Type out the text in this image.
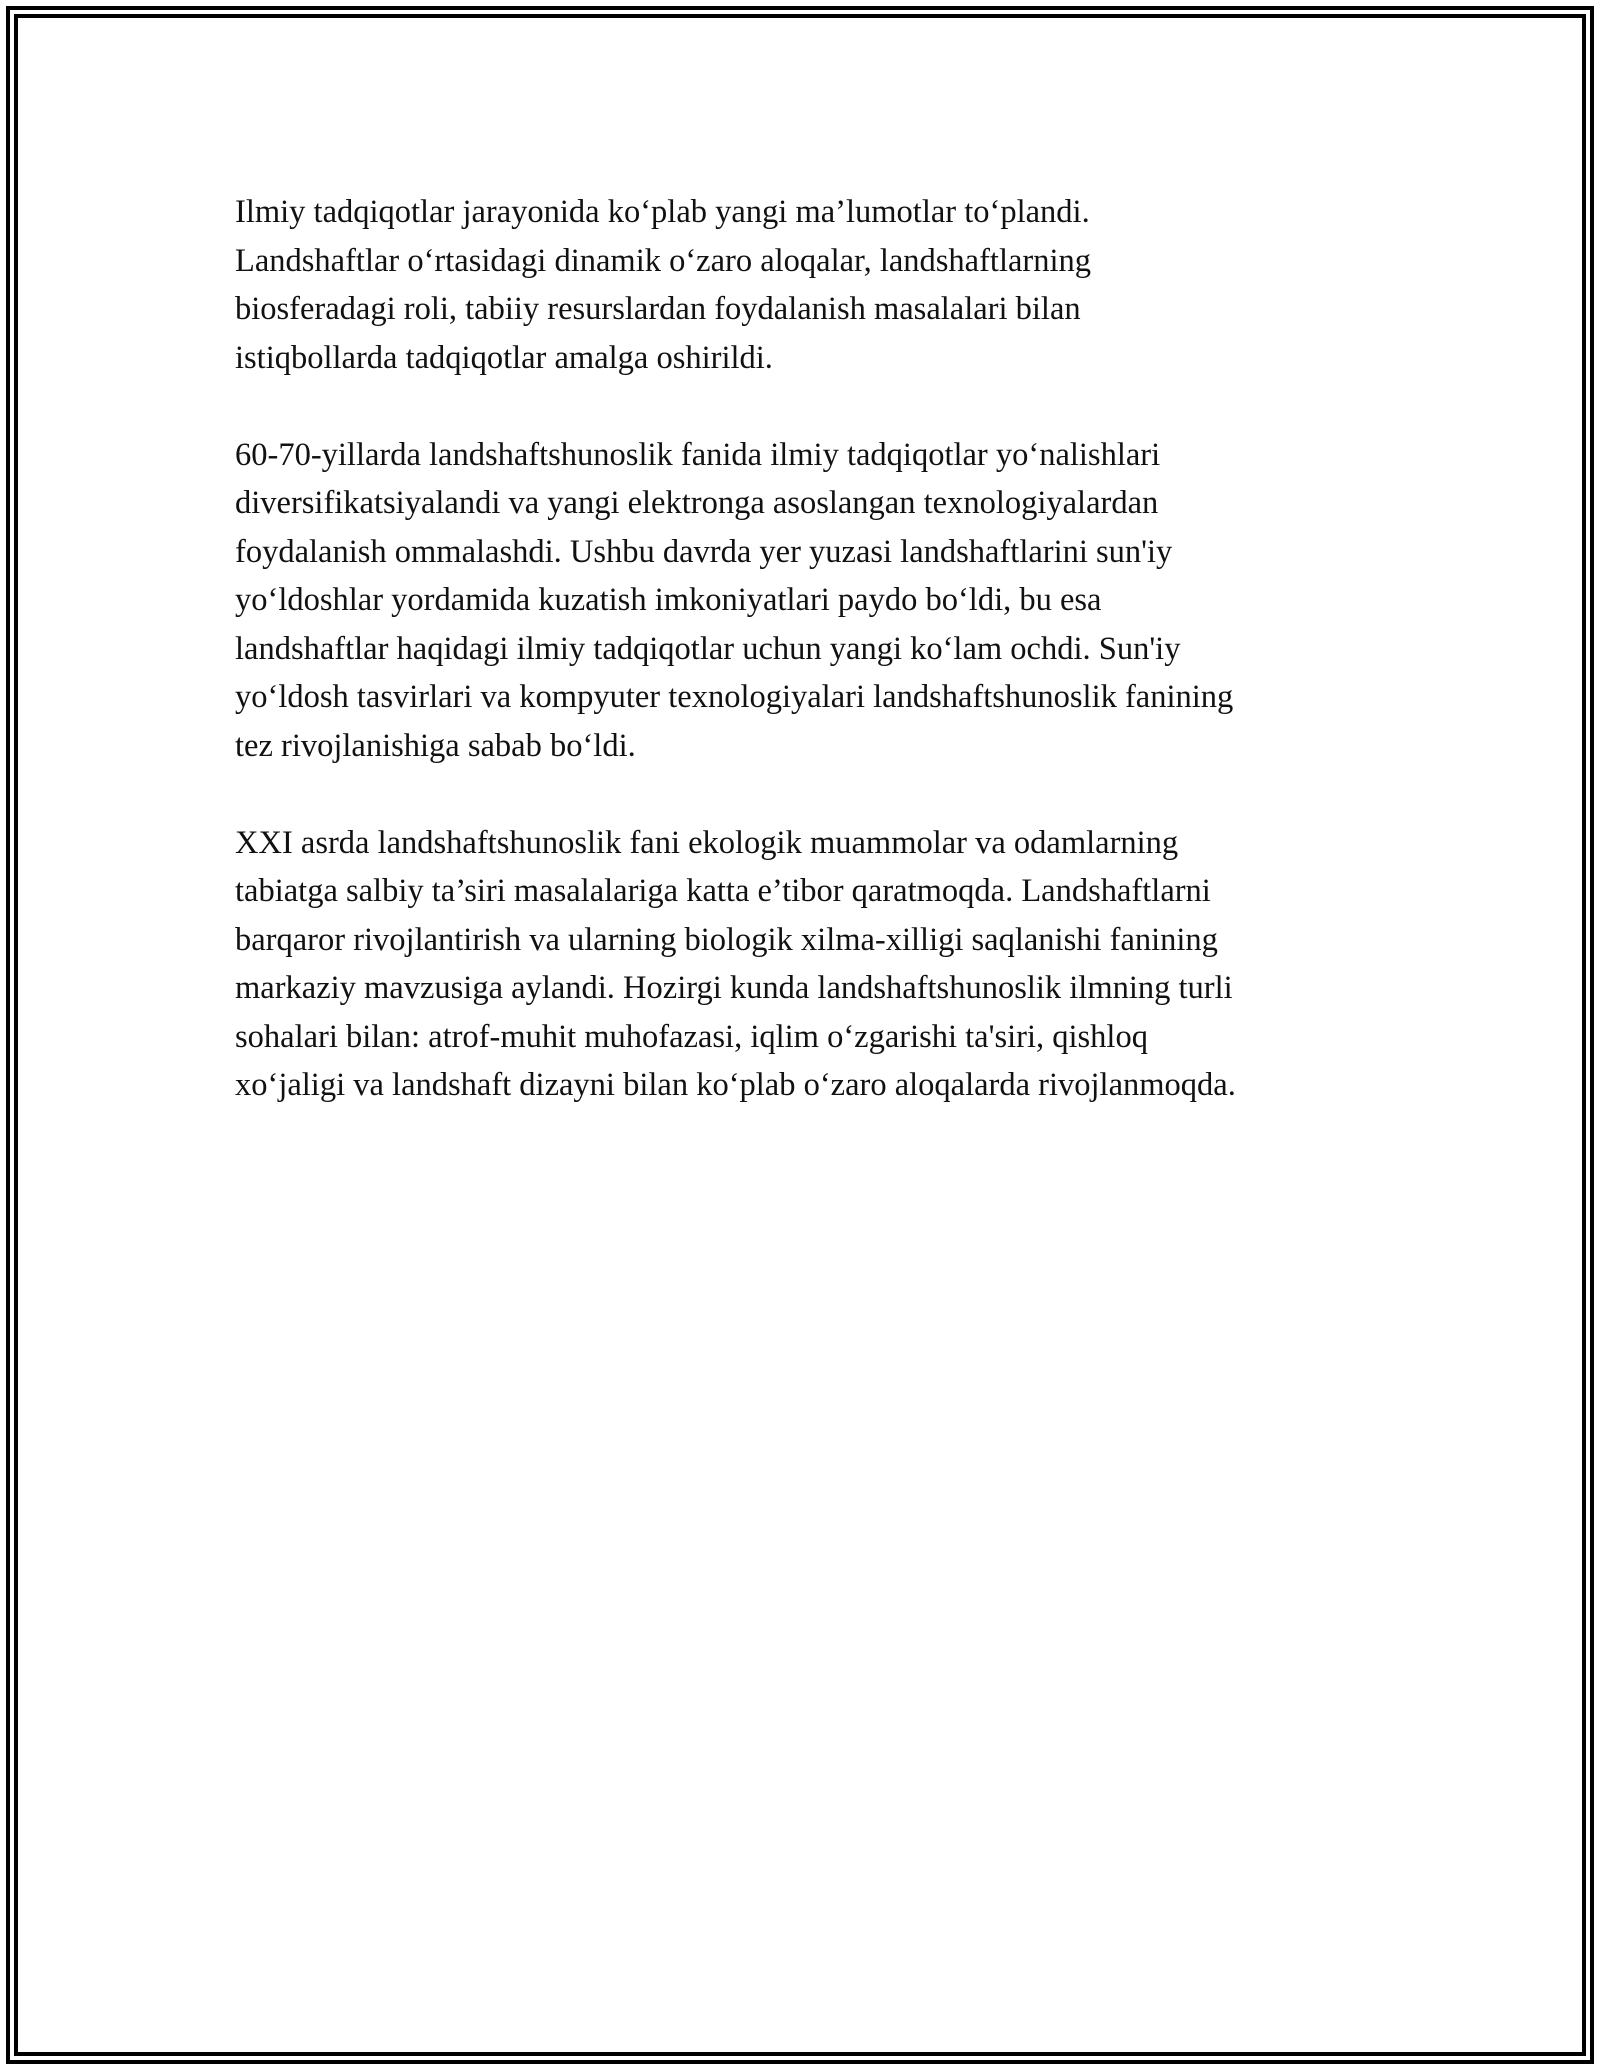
Ilmiy tadqiqotlar jarayonida ko‘plab yangi ma’lumotlar to‘plandi.
Landshaftlar o‘rtasidagi dinamik o‘zaro aloqalar, landshaftlarning
biosferadagi roli, tabiiy resurslardan foydalanish masalalari bilan
istiqbollarda tadqiqotlar amalga oshirildi.

60-70-yillarda landshaftshunoslik fanida ilmiy tadqiqotlar yo‘nalishlari
diversifikatsiyalandi va yangi elektronga asoslangan texnologiyalardan
foydalanish ommalashdi. Ushbu davrda yer yuzasi landshaftlarini sun'iy
yo‘ldoshlar yordamida kuzatish imkoniyatlari paydo bo‘ldi, bu esa
landshaftlar haqidagi ilmiy tadqiqotlar uchun yangi ko‘lam ochdi. Sun'iy
yo‘ldosh tasvirlari va kompyuter texnologiyalari landshaftshunoslik fanining
tez rivojlanishiga sabab bo‘ldi.

XXI asrda landshaftshunoslik fani ekologik muammolar va odamlarning
tabiatga salbiy ta’siri masalalariga katta e’tibor qaratmoqda. Landshaftlarni
barqaror rivojlantirish va ularning biologik xilma-xilligi saqlanishi fanining
markaziy mavzusiga aylandi. Hozirgi kunda landshaftshunoslik ilmning turli
sohalari bilan: atrof-muhit muhofazasi, iqlim o‘zgarishi ta'siri, qishloq
xo‘jaligi va landshaft dizayni bilan ko‘plab o‘zaro aloqalarda rivojlanmoqda.
